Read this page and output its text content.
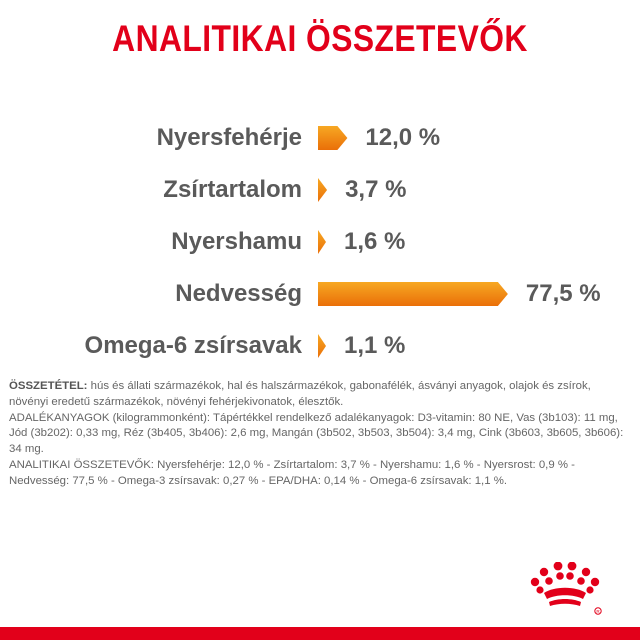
ANALITIKAI ÖSSZETEVŐK
Nyersfehérje	12,0 %
Zsírtartalom 3,7 %
Nyershamu 1,6 %
Nedvesség	77,5 %
Omega-6 zsírsavak 1,1 %

ÖSSZETÉTEL: hús és állati származékok, hal és halszármazékok, gabonafélék, ásványi anyagok, olajok és zsírok, növényi eredetű származékok, növényi fehérjekivonatok, élesztők.

ADALÉKANYAGOK (kilogrammonként): Tápértékkel rendelkező adalékanyagok: D3-vitamin: 80 NE, Vas (3b103): 11 mg, Jód (3b202): 0,33 mg, Réz (3b405, 3b406): 2,6 mg, Mangán (3b502, 3b503, 3b504): 3,4 mg, Cink (3b603, 3b605, 3b606): 34 mg.

ANALITIKAI ÖSSZETEVŐK: Nyersfehérje: 12,0 % - Zsírtartalom: 3,7 % - Nyershamu: 1,6 % - Nyersrost: 0,9 % - Nedvesség: 77,5 % - Omega-3 zsírsavak: 0,27 % - EPA/DHA: 0,14 % - Omega-6 zsírsavak: 1,1 %.

R
